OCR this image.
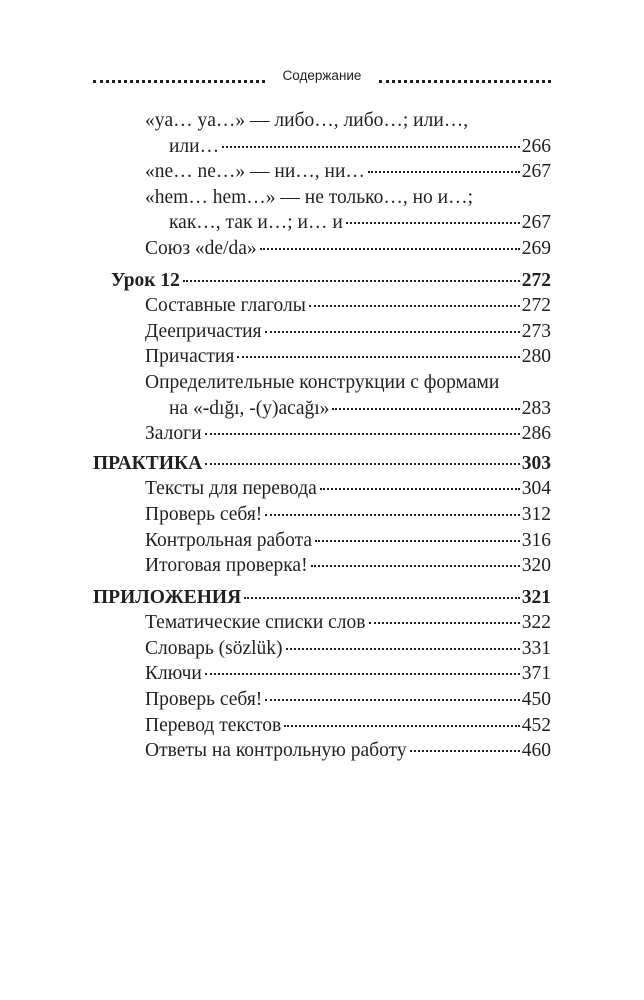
Содержание
«ya… ya…» — либо…, либо…; или…,
или…	266
«ne… ne…» — ни…, ни…	267
«hem… hem…» — не только…, но и…;
как…, так и…; и… и	267
Союз «de/da»	269
Урок 12	272
Составные глаголы	272
Деепричастия	273
Причастия	280
Определительные конструкции с формами
на «-dığı, -(y)acağı»	283
Залоги	286
ПРАКТИКА	303
Тексты для перевода	304
Проверь себя!	312
Контрольная работа	316
Итоговая проверка!	320
ПРИЛОЖЕНИЯ	321
Тематические списки слов	322
Словарь (sözlük)	331
Ключи	371
Проверь себя!	450
Перевод текстов	452
Ответы на контрольную работу	460
